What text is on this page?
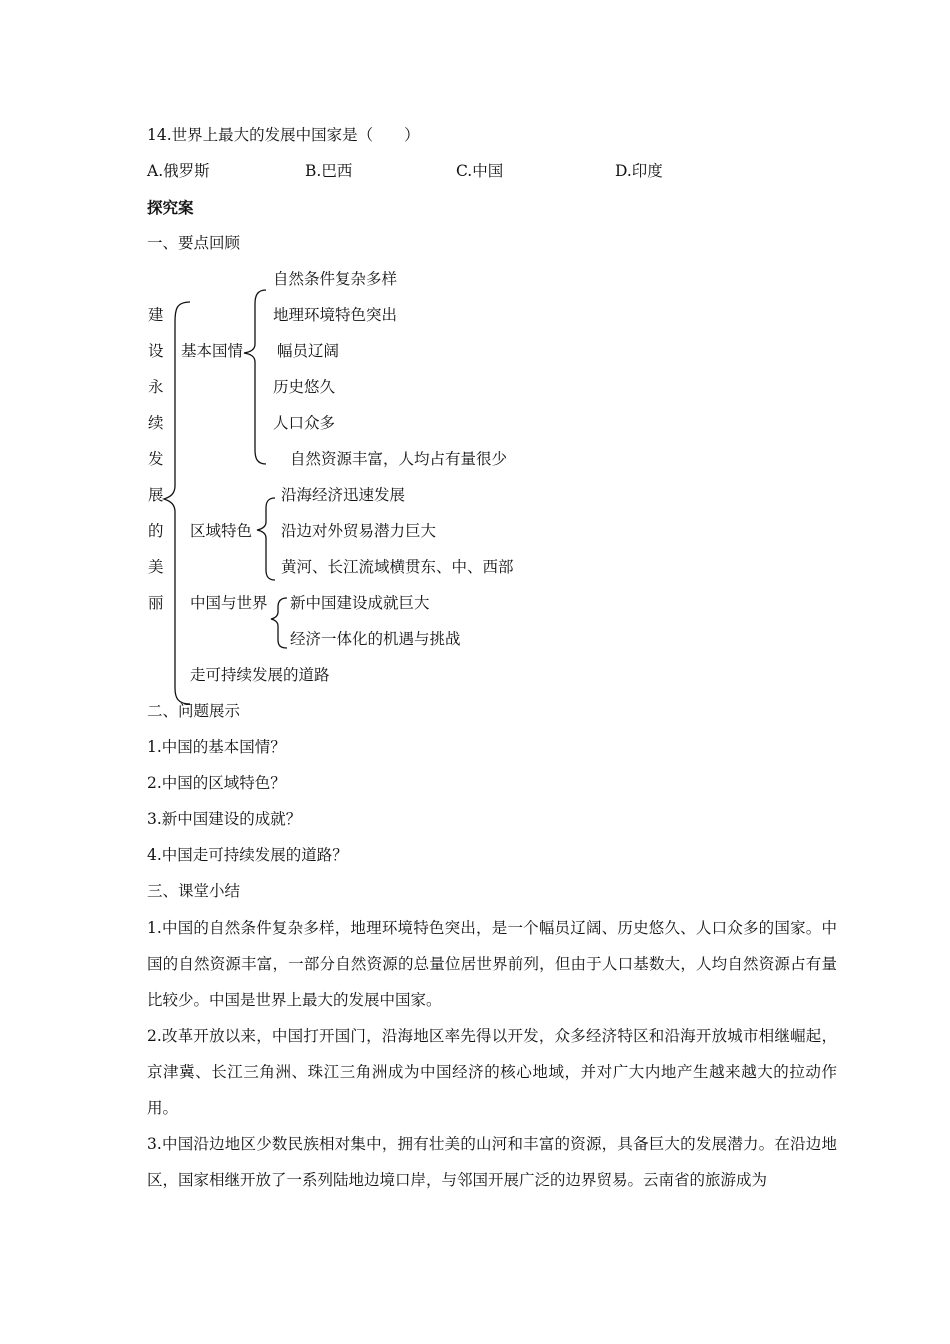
14.世界上最大的发展中国家是（　　）
A.俄罗斯	B.巴西	C.中国	D.印度
探究案
一、要点回顾
建
设
永
续
发
展
的
美
丽
基本国情
自然条件复杂多样
地理环境特色突出
幅员辽阔
历史悠久
人口众多
自然资源丰富，人均占有量很少
区域特色
沿海经济迅速发展
沿边对外贸易潜力巨大
黄河、长江流域横贯东、中、西部
中国与世界 新中国建设成就巨大
经济一体化的机遇与挑战
走可持续发展的道路
二、问题展示
1.中国的基本国情？
2.中国的区域特色？
3.新中国建设的成就？
4.中国走可持续发展的道路？
三、课堂小结
1.中国的自然条件复杂多样，地理环境特色突出，是一个幅员辽阔、历史悠久、人口众多的国家。中国的自然资源丰富，一部分自然资源的总量位居世界前列，但由于人口基数大，人均自然资源占有量比较少。中国是世界上最大的发展中国家。
2.改革开放以来，中国打开国门，沿海地区率先得以开发，众多经济特区和沿海开放城市相继崛起，京津冀、长江三角洲、珠江三角洲成为中国经济的核心地域，并对广大内地产生越来越大的拉动作用。
3.中国沿边地区少数民族相对集中，拥有壮美的山河和丰富的资源，具备巨大的发展潜力。在沿边地区，国家相继开放了一系列陆地边境口岸，与邻国开展广泛的边界贸易。云南省的旅游成为
